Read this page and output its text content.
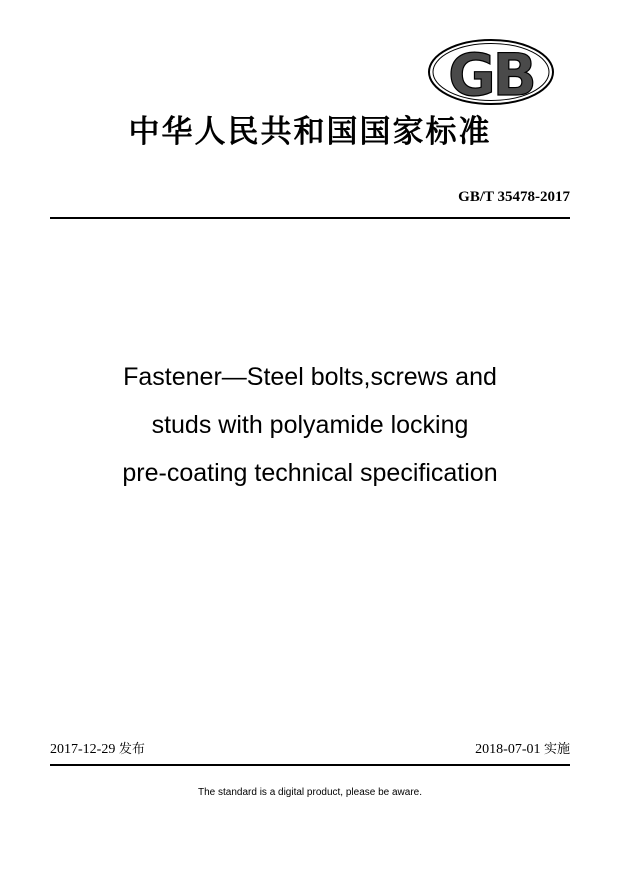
GB
中华人民共和国国家标准
GB/T 35478-2017
Fastener—Steel bolts,screws and
studs with polyamide locking
pre-coating technical specification
2017-12-29 发布	2018-07-01 实施
The standard is a digital product, please be aware.
